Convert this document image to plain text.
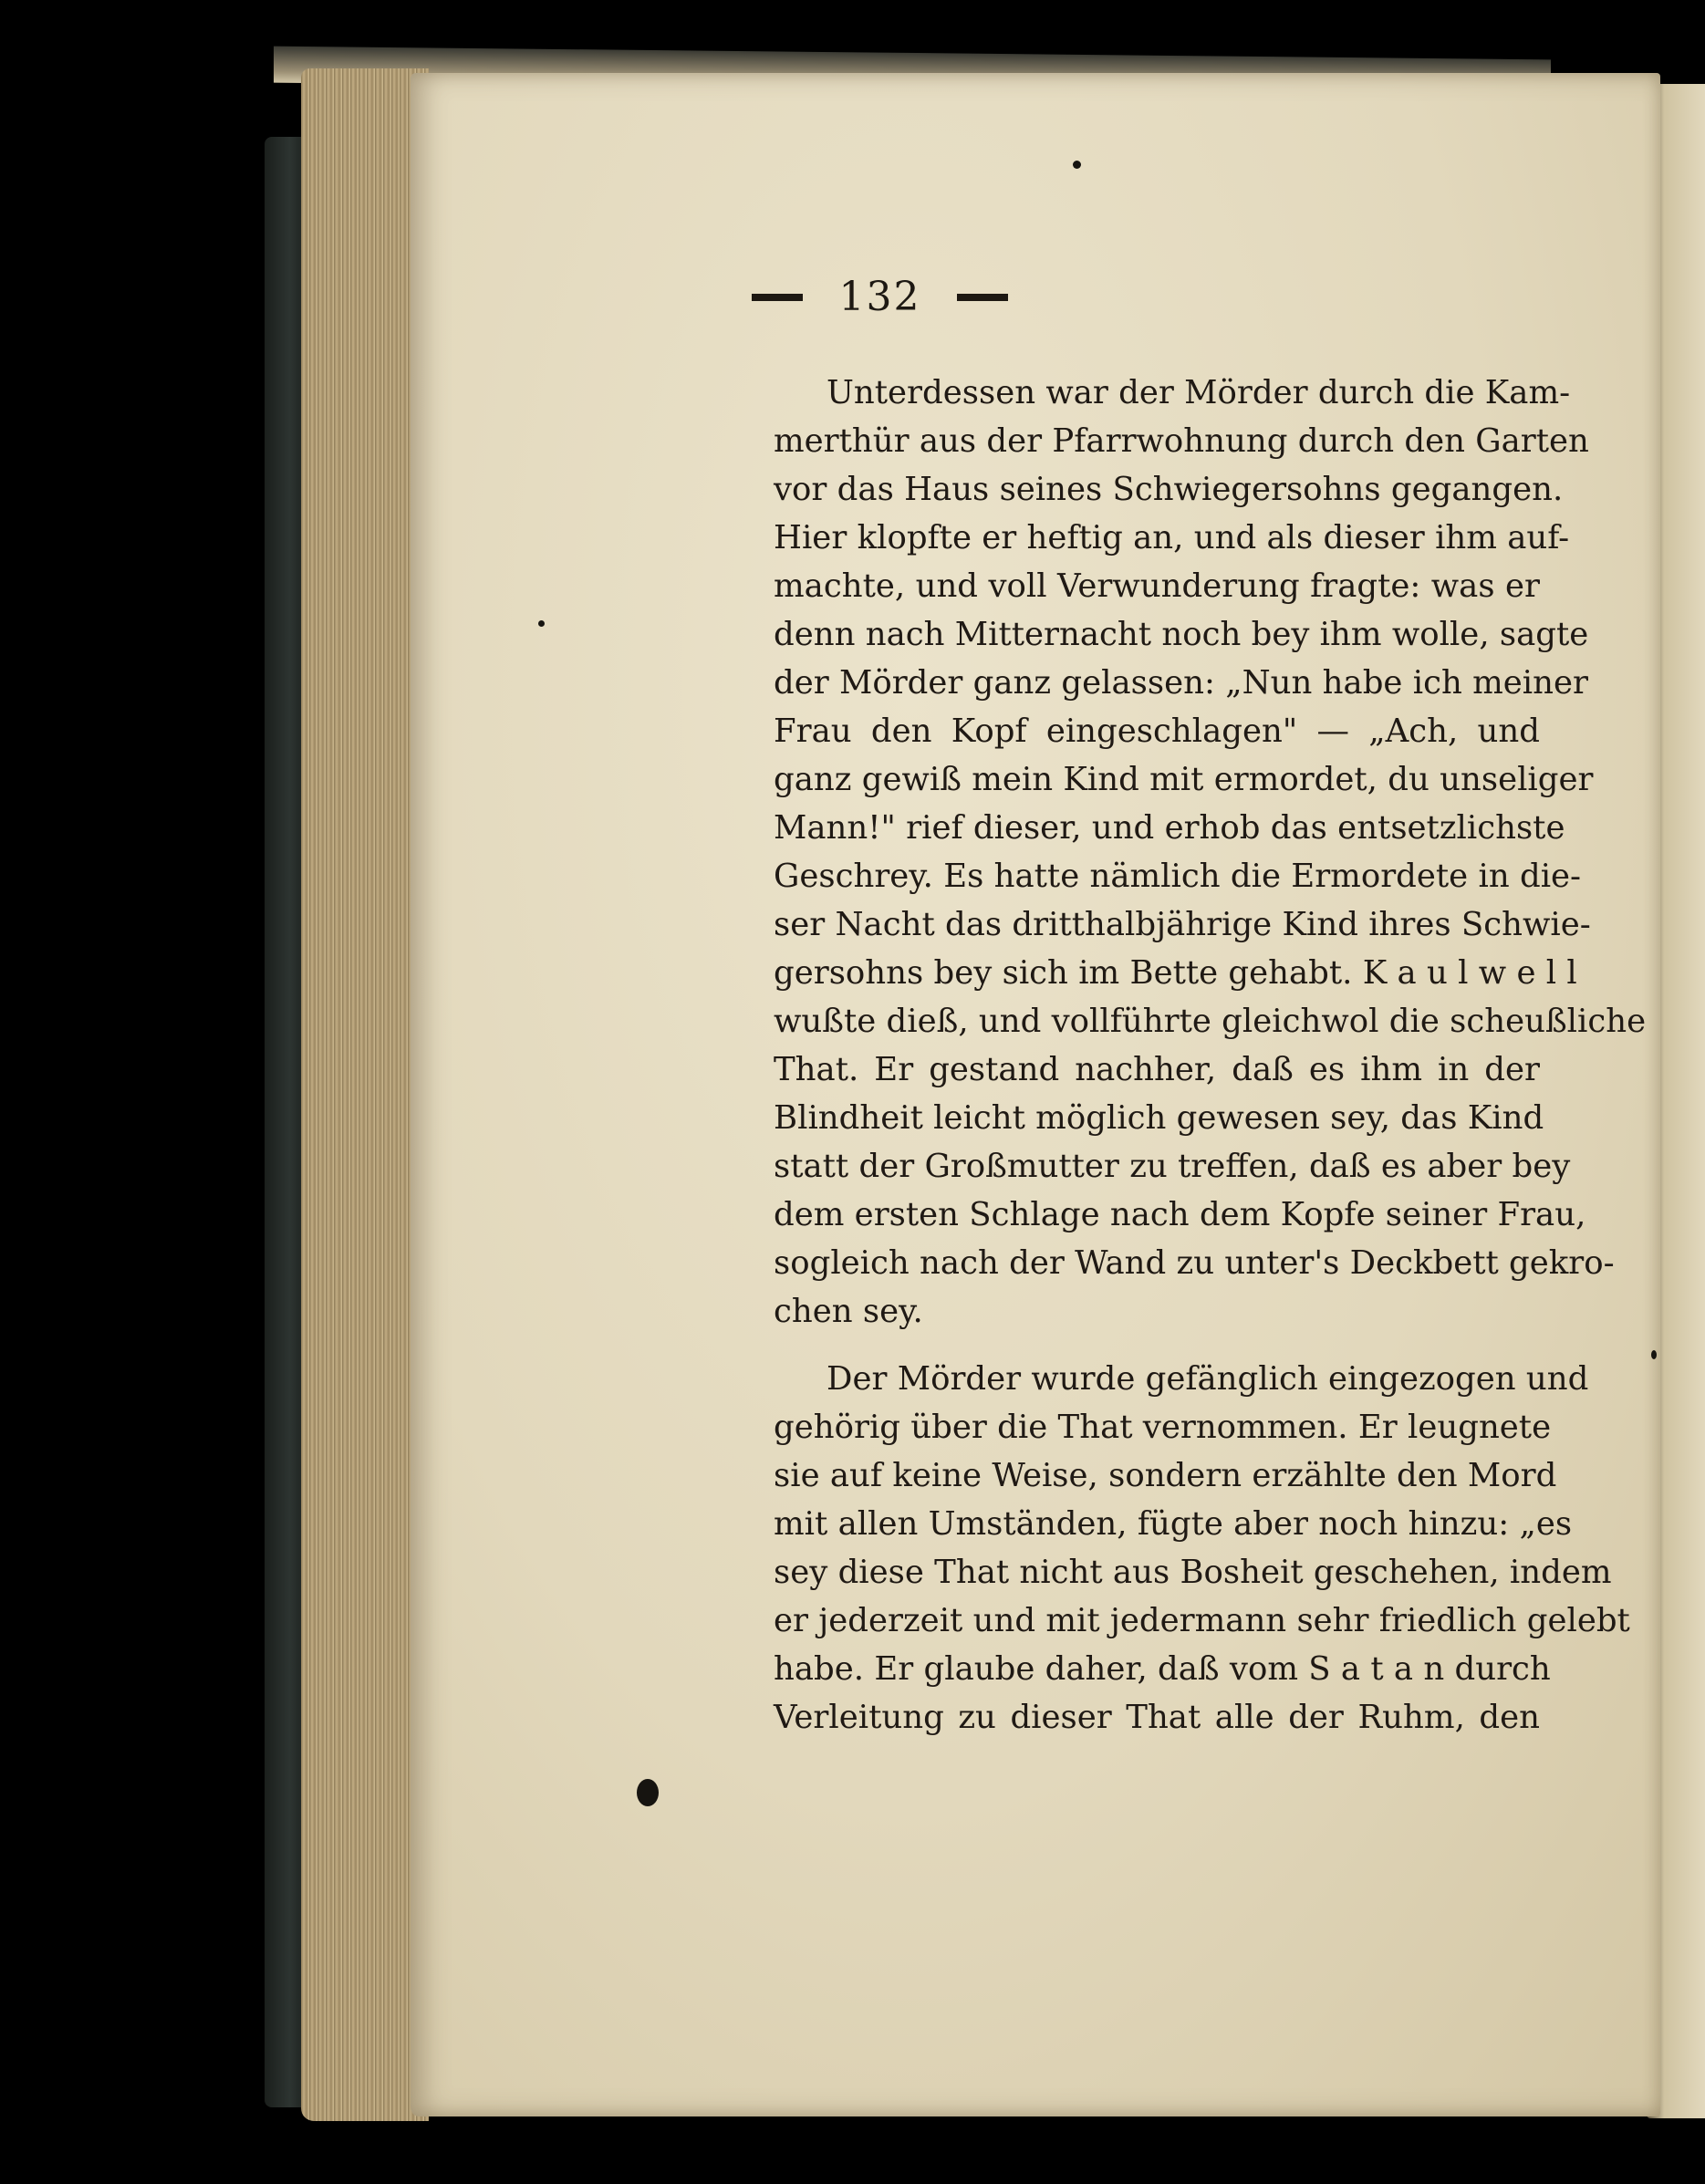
132
Unterdessen war der Mörder durch die Kam-
merthür aus der Pfarrwohnung durch den Garten
vor das Haus seines Schwiegersohns gegangen.
Hier klopfte er heftig an, und als dieser ihm auf-
machte, und voll Verwunderung fragte: was er
denn nach Mitternacht noch bey ihm wolle, sagte
der Mörder ganz gelassen: „Nun habe ich meiner
Frau den Kopf eingeschlagen" — „Ach, und
ganz gewiß mein Kind mit ermordet, du unseliger
Mann!" rief dieser, und erhob das entsetzlichste
Geschrey. Es hatte nämlich die Ermordete in die-
ser Nacht das dritthalbjährige Kind ihres Schwie-
gersohns bey sich im Bette gehabt. K a u l w e l l
wußte dieß, und vollführte gleichwol die scheußliche
That. Er gestand nachher, daß es ihm in der
Blindheit leicht möglich gewesen sey, das Kind
statt der Großmutter zu treffen, daß es aber bey
dem ersten Schlage nach dem Kopfe seiner Frau,
sogleich nach der Wand zu unter's Deckbett gekro-
chen sey.
Der Mörder wurde gefänglich eingezogen und
gehörig über die That vernommen. Er leugnete
sie auf keine Weise, sondern erzählte den Mord
mit allen Umständen, fügte aber noch hinzu: „es
sey diese That nicht aus Bosheit geschehen, indem
er jederzeit und mit jedermann sehr friedlich gelebt
habe. Er glaube daher, daß vom S a t a n durch
Verleitung zu dieser That alle der Ruhm, den
